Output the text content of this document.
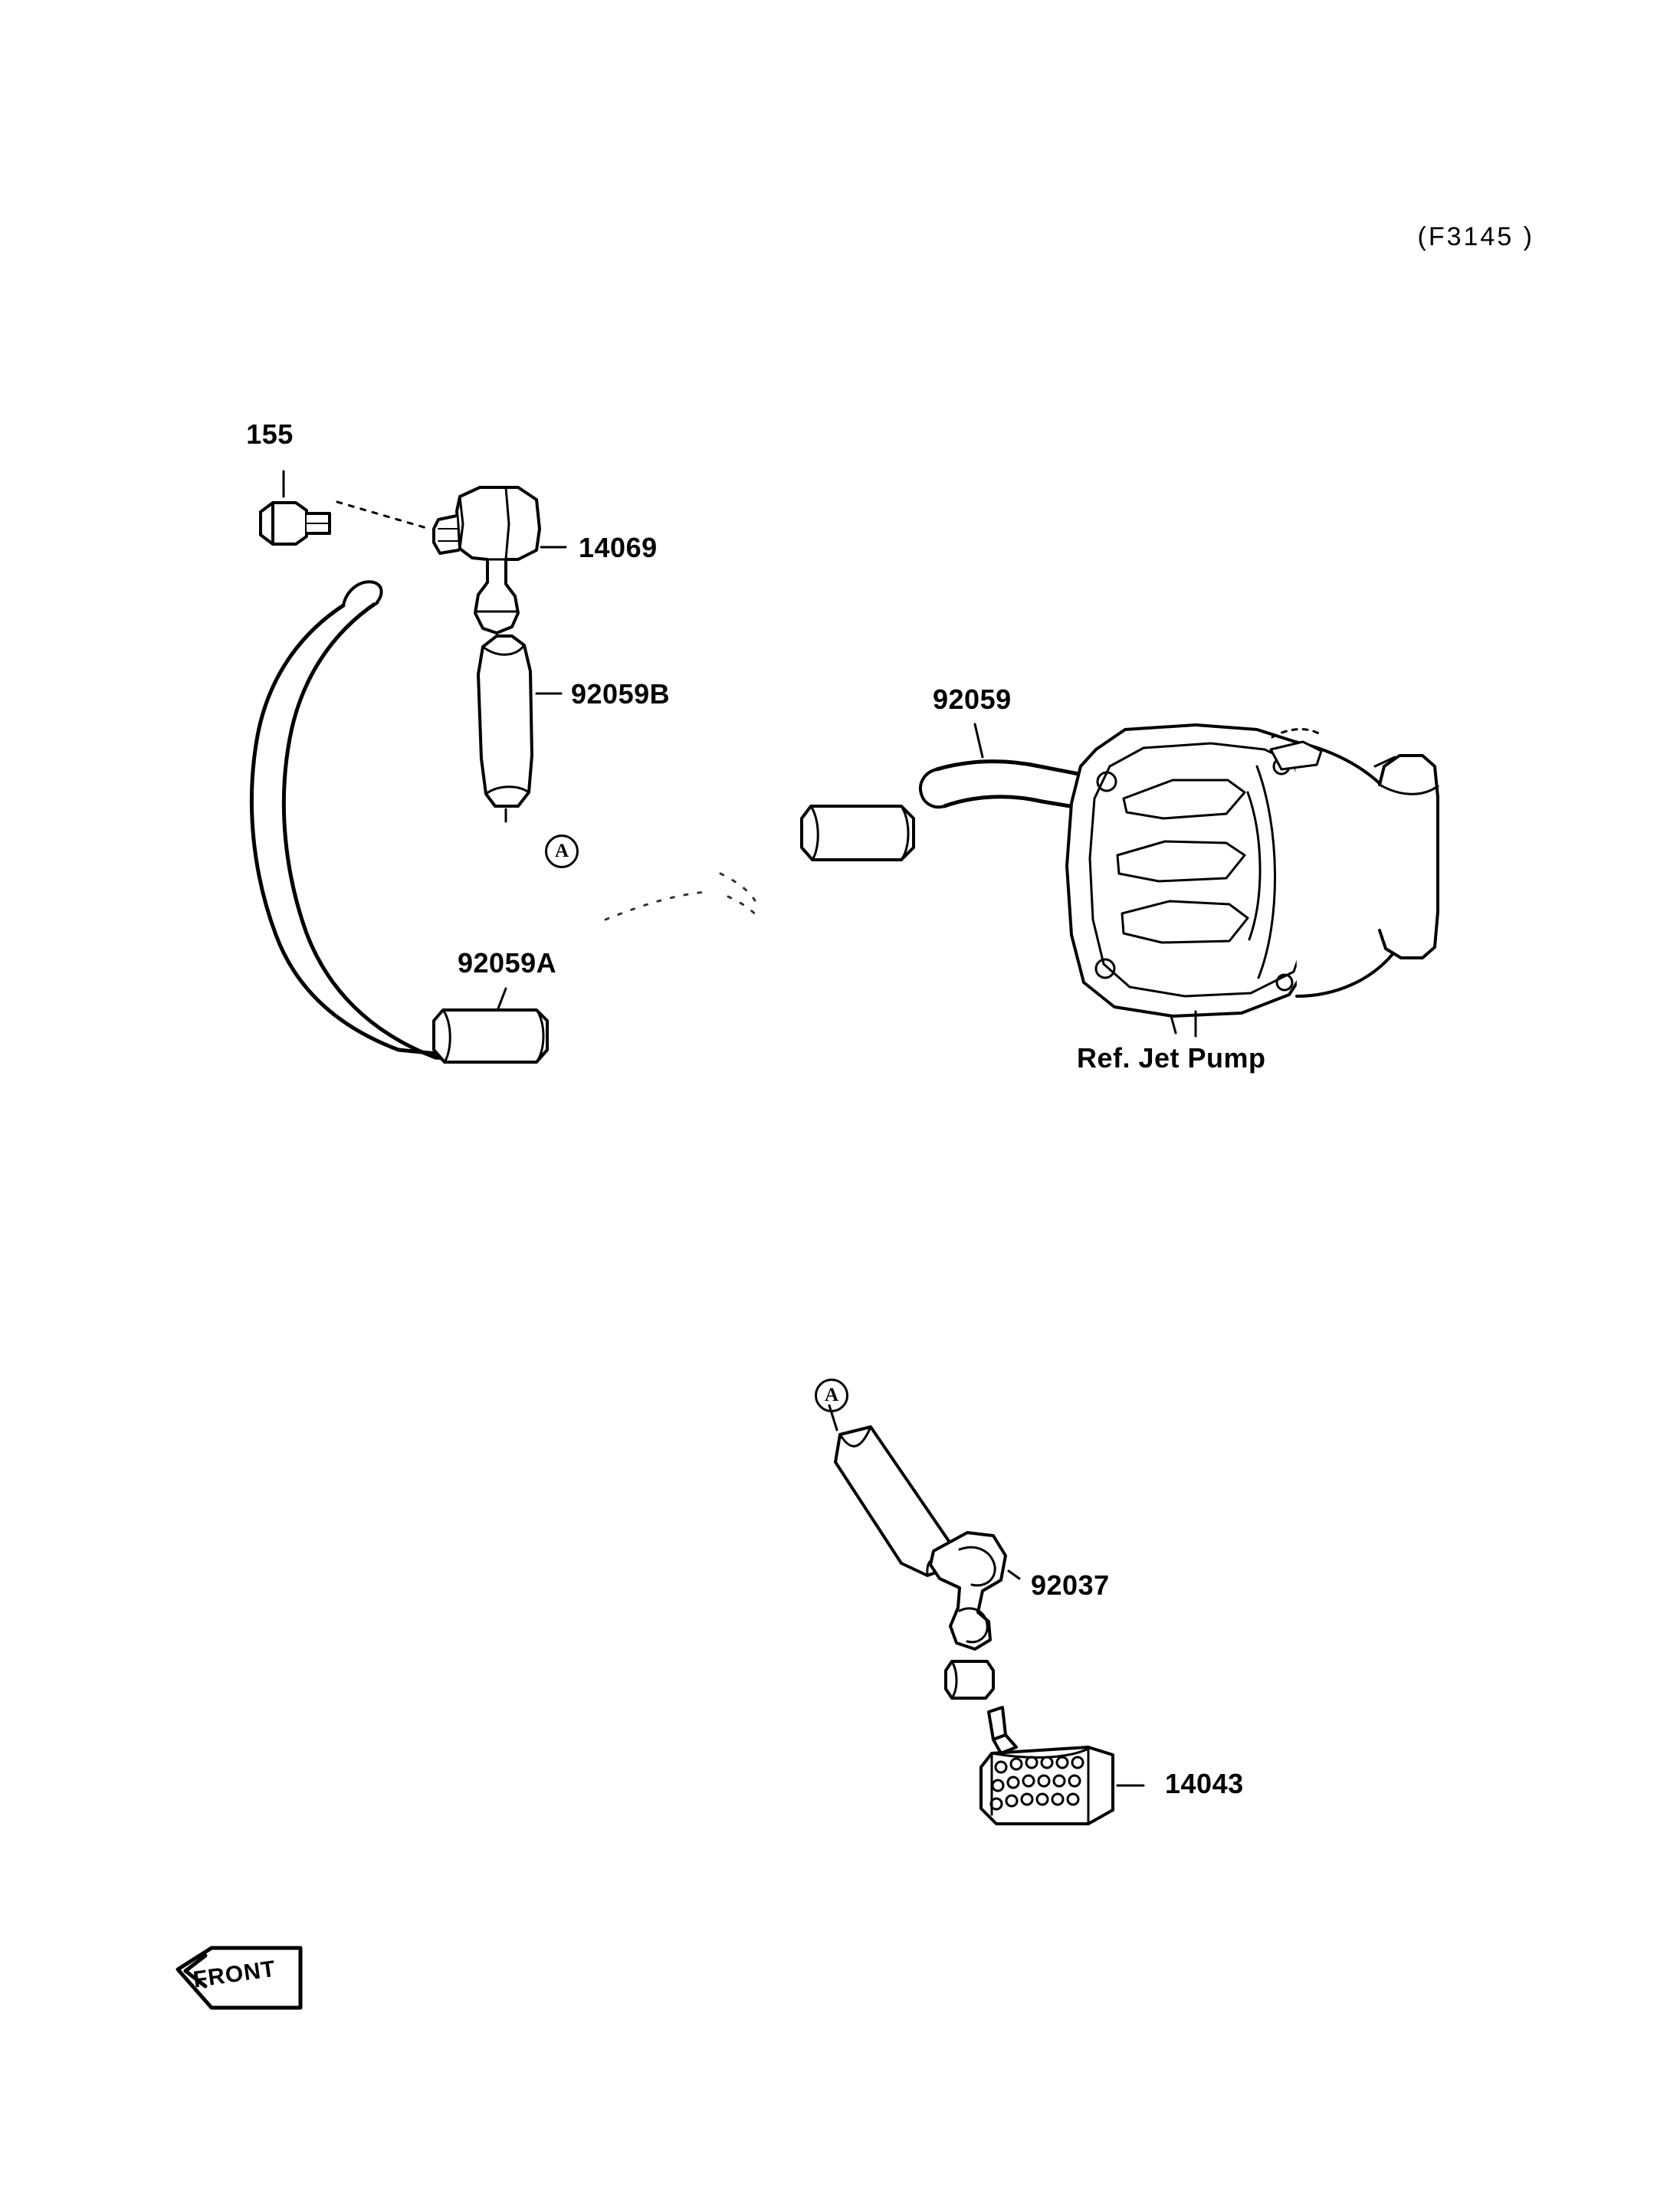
(F3145 )
155
14069
92059B
92059A
92059
Ref. Jet Pump
92037
14043
A
A
FRONT
